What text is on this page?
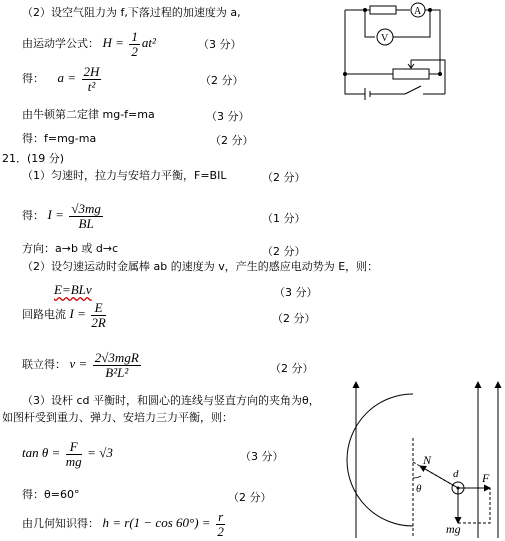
（2）设空气阻力为 f,下落过程的加速度为 a,
由运动学公式： $H = \frac{1}{2} at^2$	（3 分）
得： $a = \frac{2H}{\text{t²}}$	（2 分）
由牛顿第二定律 mg-f=ma	（3 分）
得：f=mg-ma	（2 分）
A
V
21．(19 分)
（1）匀速时，拉力与安培力平衡，F=BIL	（2 分）
得： $I = \frac{√3mg}{BL}$	（1 分）
方向：a→b 或 d→c	（2 分）
（2）设匀速运动时金属棒 ab 的速度为 v，产生的感应电动势为 E，则：
E=BLv	（3 分）
回路电流 $I = \frac{E}{2R}$	（2 分）
联立得： $v = \frac{\text{2√3mgR}}{\text{B²L²}}$	（2 分）
（3）设杆 cd 平衡时，和圆心的连线与竖直方向的夹角为θ，
如图杆受到重力、弹力、安培力三力平衡，则：
$\tan \theta = \frac{F}{mg} = √3$	（3 分）
得：θ=60°	（2 分）
由几何知识得： $h = r(1 - \cos 60^\circ) = \frac{r}{2}$
N
θ
d F
mg
